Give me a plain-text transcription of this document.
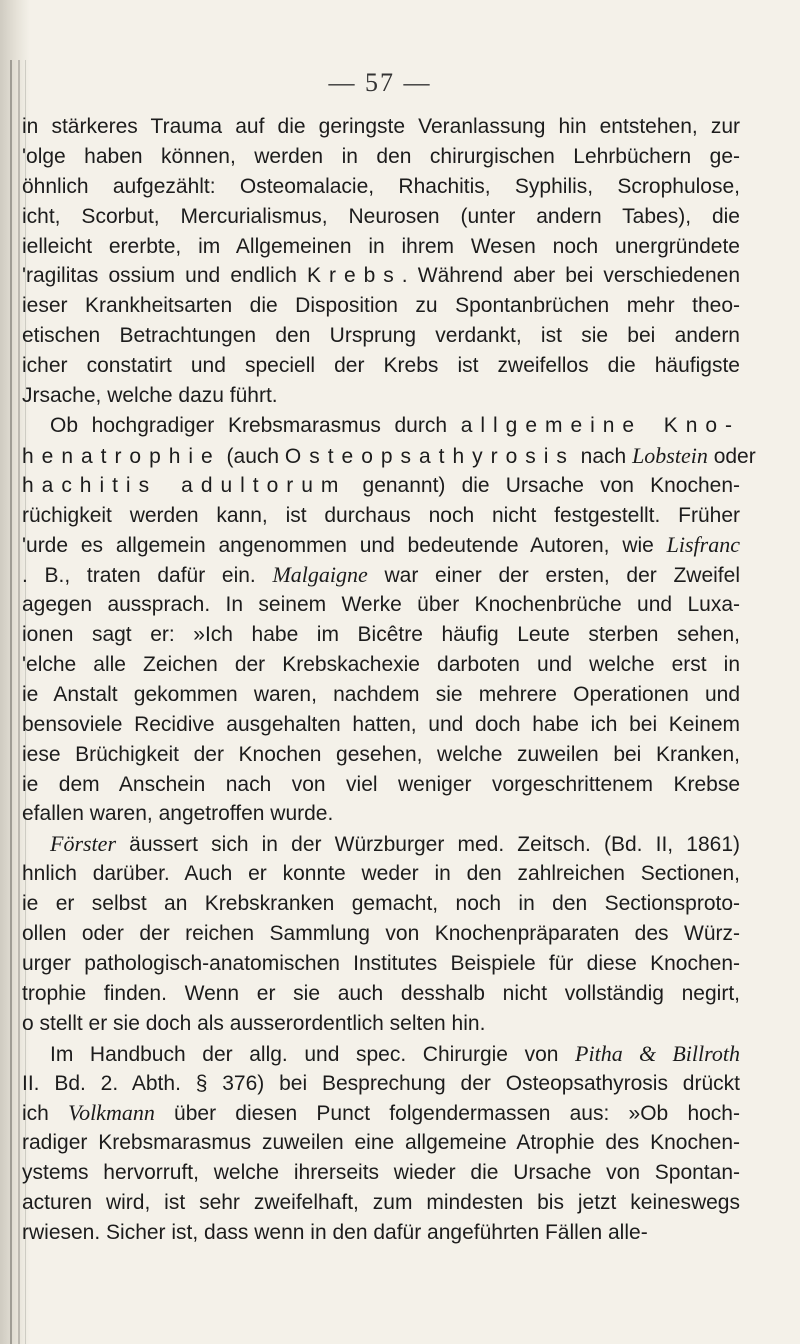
— 57 —
in stärkeres Trauma auf die geringste Veranlassung hin entstehen, zur
'olge haben können, werden in den chirurgischen Lehrbüchern ge-
öhnlich aufgezählt: Osteomalacie, Rhachitis, Syphilis, Scrophulose,
icht, Scorbut, Mercurialismus, Neurosen (unter andern Tabes), die
ielleicht ererbte, im Allgemeinen in ihrem Wesen noch unergründete
'ragilitas ossium und endlich Krebs. Während aber bei verschiedenen
ieser Krankheitsarten die Disposition zu Spontanbrüchen mehr theo-
etischen Betrachtungen den Ursprung verdankt, ist sie bei andern
icher constatirt und speciell der Krebs ist zweifellos die häufigste
Jrsache, welche dazu führt.
Ob hochgradiger Krebsmarasmus durch allgemeine Kno-
henatrophie (auch Osteopsathyrosis nach Lobstein oder
hachitis adultorum genannt) die Ursache von Knochen-
rüchigkeit werden kann, ist durchaus noch nicht festgestellt. Früher
'urde es allgemein angenommen und bedeutende Autoren, wie Lisfranc
. B., traten dafür ein. Malgaigne war einer der ersten, der Zweifel
agegen aussprach. In seinem Werke über Knochenbrüche und Luxa-
ionen sagt er: »Ich habe im Bicêtre häufig Leute sterben sehen,
'elche alle Zeichen der Krebskachexie darboten und welche erst in
ie Anstalt gekommen waren, nachdem sie mehrere Operationen und
bensoviele Recidive ausgehalten hatten, und doch habe ich bei Keinem
iese Brüchigkeit der Knochen gesehen, welche zuweilen bei Kranken,
ie dem Anschein nach von viel weniger vorgeschrittenem Krebse
efallen waren, angetroffen wurde.
Förster äussert sich in der Würzburger med. Zeitsch. (Bd. II, 1861)
hnlich darüber. Auch er konnte weder in den zahlreichen Sectionen,
ie er selbst an Krebskranken gemacht, noch in den Sectionsproto-
ollen oder der reichen Sammlung von Knochenpräparaten des Würz-
urger pathologisch-anatomischen Institutes Beispiele für diese Knochen-
trophie finden. Wenn er sie auch desshalb nicht vollständig negirt,
o stellt er sie doch als ausserordentlich selten hin.
Im Handbuch der allg. und spec. Chirurgie von Pitha & Billroth
II. Bd. 2. Abth. § 376) bei Besprechung der Osteopsathyrosis drückt
ich Volkmann über diesen Punct folgendermassen aus: »Ob hoch-
radiger Krebsmarasmus zuweilen eine allgemeine Atrophie des Knochen-
ystems hervorruft, welche ihrerseits wieder die Ursache von Spontan-
acturen wird, ist sehr zweifelhaft, zum mindesten bis jetzt keineswegs
rwiesen. Sicher ist, dass wenn in den dafür angeführten Fällen alle-
